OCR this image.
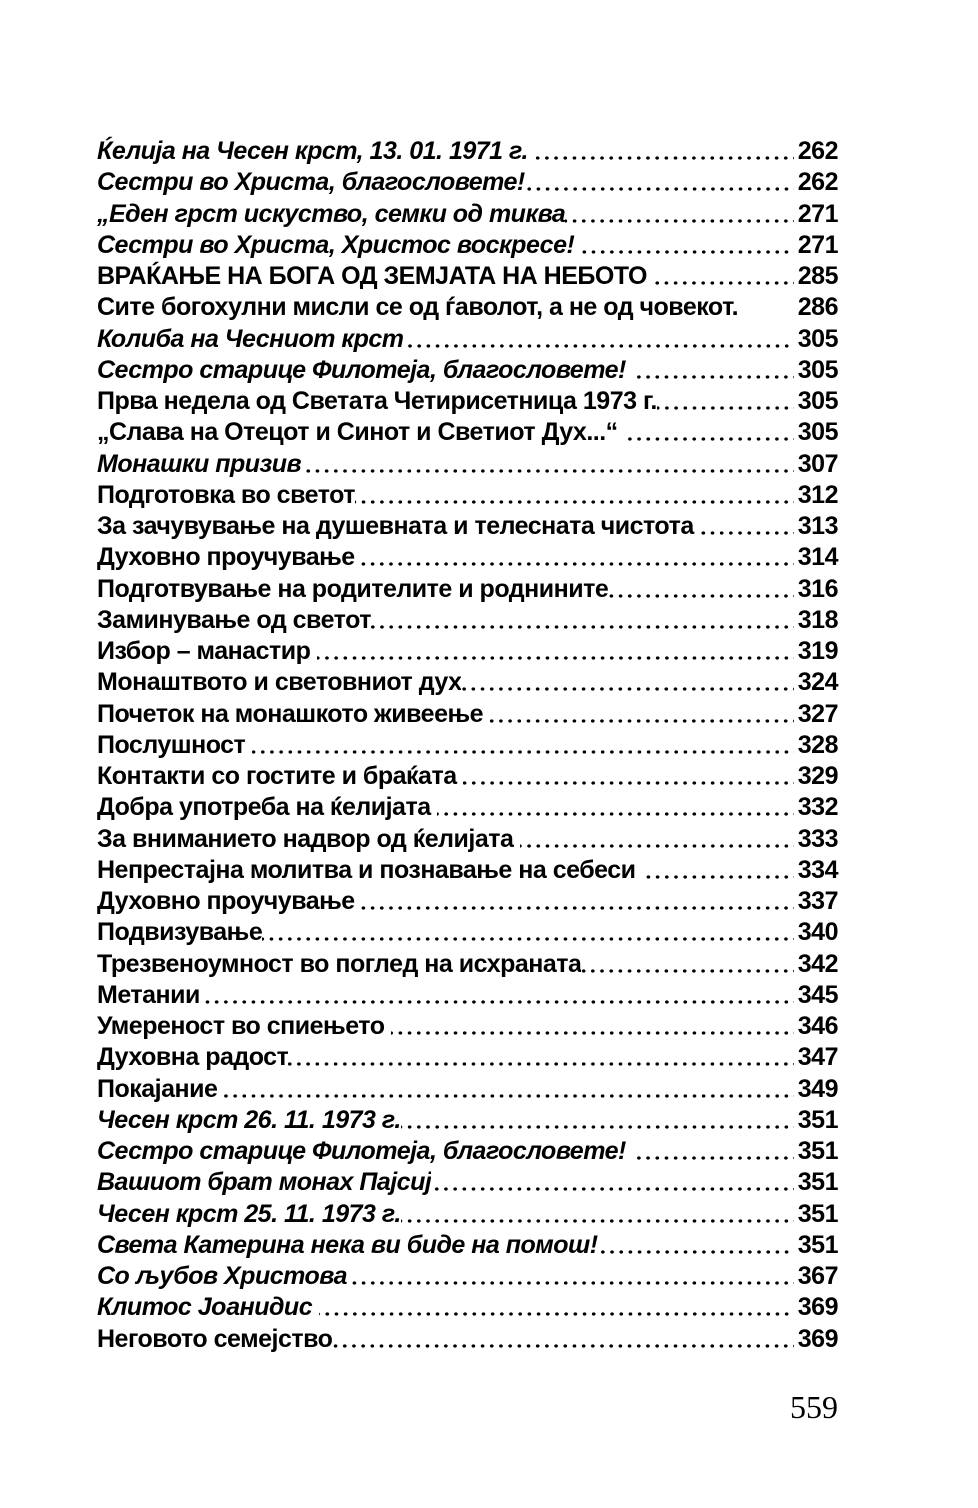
Ќелија на Чесен крст, 13. 01. 1971 г.	262
Сестри во Христа, благословете!	262
„Еден грст искуство, семки од тиква	271
Сестри во Христа, Христос воскресе!	271
ВРАЌАЊЕ НА БОГА ОД ЗЕМЈАТА НА НЕБОТО	285
Сите богохулни мисли се од ѓаволот, а не од човекот. 286
Колиба на Чесниот крст	305
Сестро старице Филотеја, благословете!	305
Прва недела од Светата Четирисетница 1973 г.	305
„Слава на Отецот и Синот и Светиот Дух...“	305
Монашки призив	307
Подготовка во светот	312
За зачувување на душевната и телесната чистота	313
Духовно проучување	314
Подготвување на родителите и роднините	316
Заминување од светот	318
Избор – манастир	319
Монаштвото и световниот дух	324
Почеток на монашкото живеење	327
Послушност	328
Контакти со гостите и браќата	329
Добра употреба на ќелијата	332
За вниманието надвор од ќелијата	333
Непрестајна молитва и познавање на себеси	334
Духовно проучување	337
Подвизување	340
Трезвеноумност во поглед на исхраната	342
Метании	345
Умереност во спиењето	346
Духовна радост	347
Покајание	349
Чесен крст 26. 11. 1973 г.	351
Сестро старице Филотеја, благословете!	351
Вашиот брат монах Пајсиј	351
Чесен крст 25. 11. 1973 г.	351
Света Катерина нека ви биде на помош!	351
Со љубов Христова	367
Клитос Јоанидис	369
Неговото семејство	369
559
